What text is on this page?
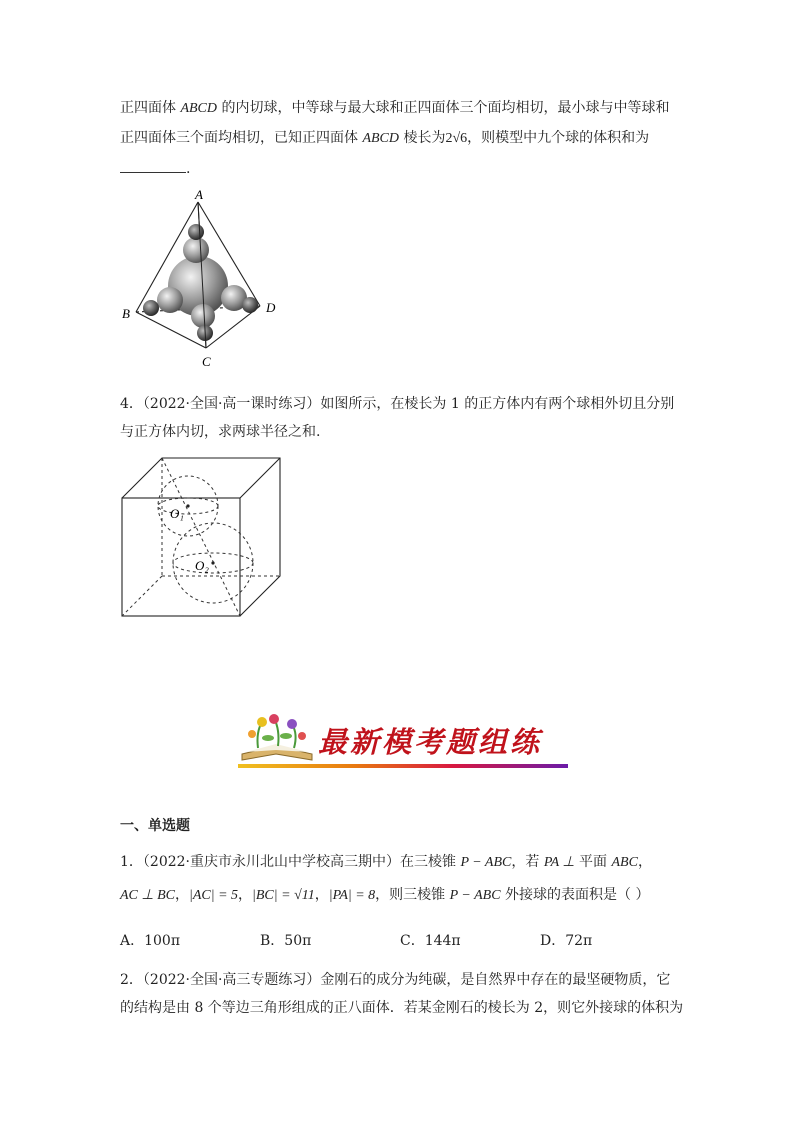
正四面体 ABCD 的内切球，中等球与最大球和正四面体三个面均相切，最小球与中等球和
正四面体三个面均相切，已知正四面体 ABCD 棱长为2√6，则模型中九个球的体积和为
.
A
B
C
D
4．（2022·全国·高一课时练习）如图所示，在棱长为 1 的正方体内有两个球相外切且分别
与正方体内切，求两球半径之和.
O₁
O₂
最新模考题组练
一、单选题
1．（2022·重庆市永川北山中学校高三期中）在三棱锥 P − ABC，若 PA ⊥ 平面 ABC，
AC ⊥ BC，|AC| = 5，|BC| = √11，|PA| = 8，则三棱锥 P − ABC 外接球的表面积是（ ）
A．100π	B．50π	C．144π	D．72π
2．（2022·全国·高三专题练习）金刚石的成分为纯碳，是自然界中存在的最坚硬物质，它
的结构是由 8 个等边三角形组成的正八面体．若某金刚石的棱长为 2，则它外接球的体积为
